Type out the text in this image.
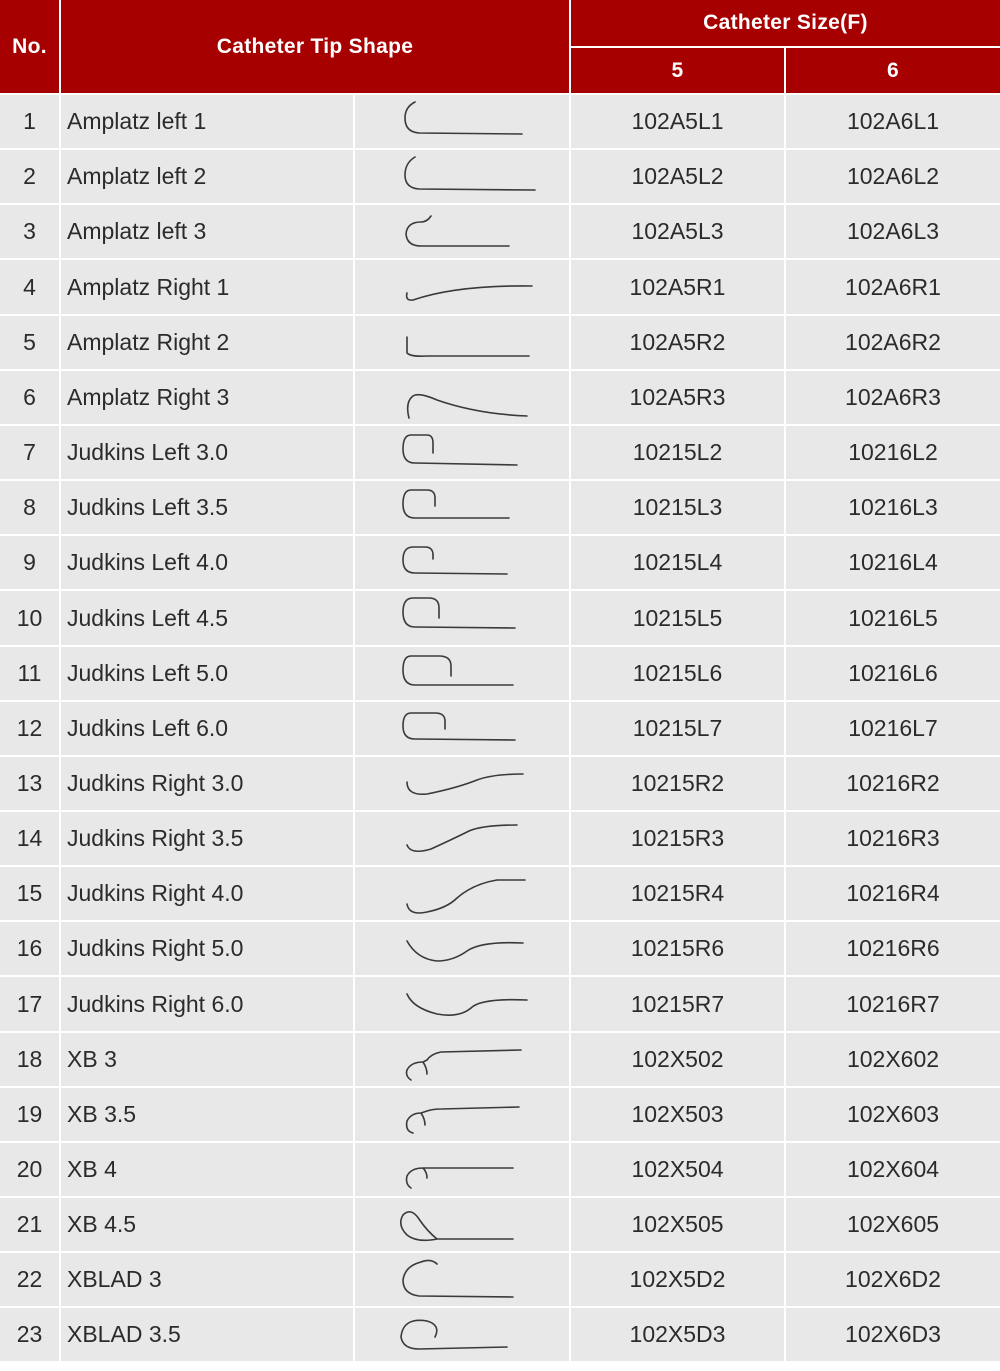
No.	Catheter Tip Shape
Catheter Size(F)
5	6
1	Amplatz left 1	102A5L1	102A6L1
2	Amplatz left 2	102A5L2	102A6L2
3	Amplatz left 3	102A5L3	102A6L3
4	Amplatz Right 1	102A5R1	102A6R1
5	Amplatz Right 2	102A5R2	102A6R2
6	Amplatz Right 3	102A5R3	102A6R3
7	Judkins Left 3.0	10215L2	10216L2
8	Judkins Left 3.5	10215L3	10216L3
9	Judkins Left 4.0	10215L4	10216L4
10	Judkins Left 4.5	10215L5	10216L5
11	Judkins Left 5.0	10215L6	10216L6
12	Judkins Left 6.0	10215L7	10216L7
13	Judkins Right 3.0	10215R2	10216R2
14	Judkins Right 3.5	10215R3	10216R3
15	Judkins Right 4.0	10215R4	10216R4
16	Judkins Right 5.0	10215R6	10216R6
17	Judkins Right 6.0	10215R7	10216R7
18	XB 3	102X502	102X602
19	XB 3.5	102X503	102X603
20	XB 4	102X504	102X604
21	XB 4.5	102X505	102X605
22	XBLAD 3	102X5D2	102X6D2
23	XBLAD 3.5	102X5D3	102X6D3
